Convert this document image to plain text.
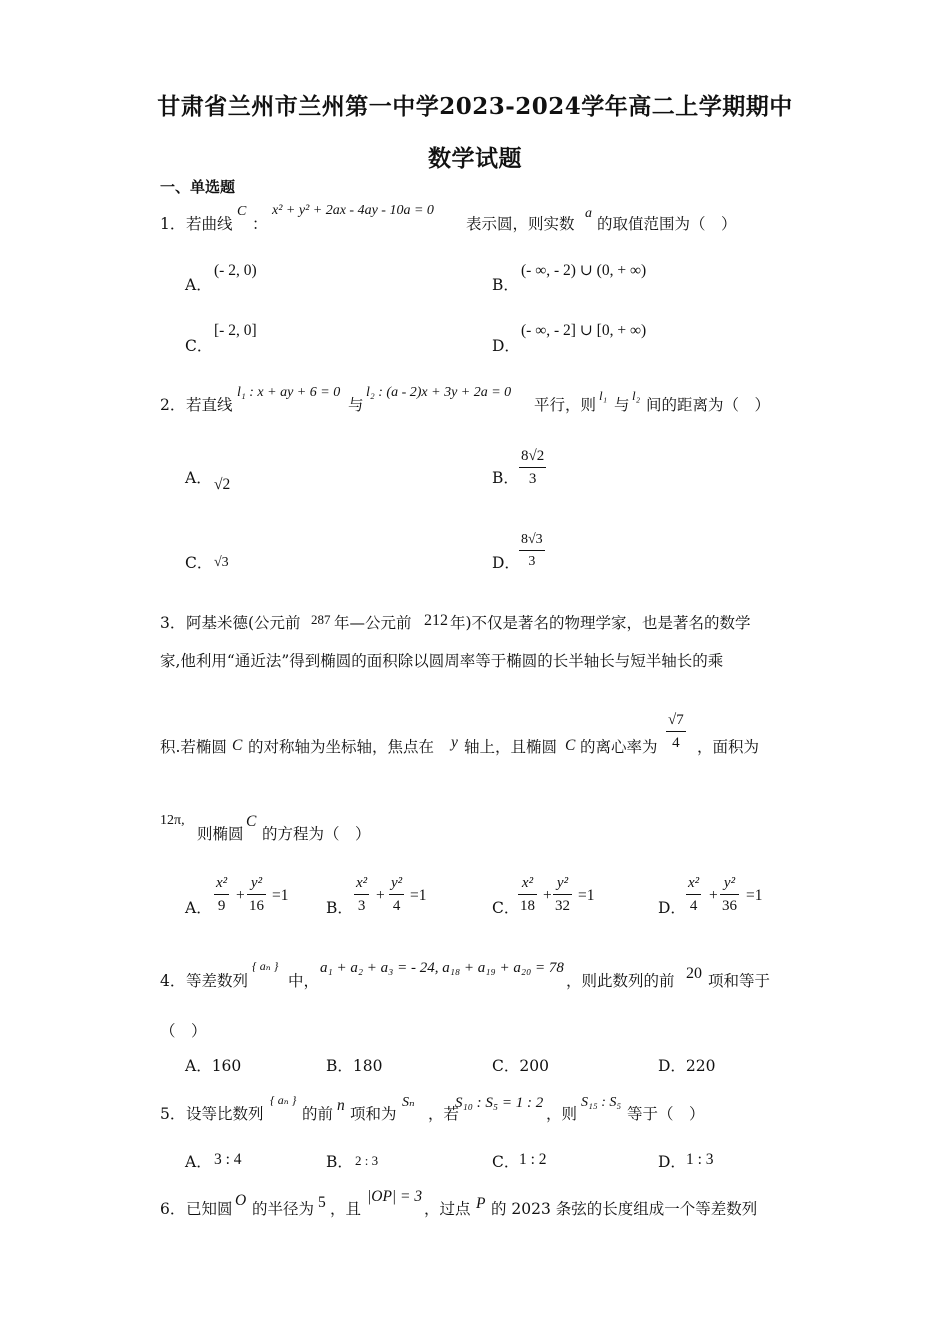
甘肃省兰州市兰州第一中学2023-2024学年高二上学期期中
数学试题
一、单选题
1． 若曲线
C
：
x² + y² + 2ax - 4ay - 10a = 0
表示圆，则实数
a
的取值范围为（　）
A．
(- 2, 0)
B．
(- ∞, - 2) ∪ (0, + ∞)
C．
[- 2, 0]
D．
(- ∞, - 2] ∪ [0, + ∞)
2． 若直线
l₁ : x + ay + 6 = 0
与
l₂ : (a - 2)x + 3y + 2a = 0
平行，则
l₁
与
l₂
间的距离为（　）
A． √2	B． $\frac{8√2}{3}$
C． √3	D． $\frac{8√3}{3}$
3． 阿基米德(公元前 287 年—公元前 212 年)不仅是著名的物理学家，也是著名的数学
家,他利用“通近法”得到椭圆的面积除以圆周率等于椭圆的长半轴长与短半轴长的乘
积.若椭圆 C 的对称轴为坐标轴，焦点在 y 轴上，且椭圆 C 的离心率为 $\frac{√7}{4}$ ，面积为
12π,
则椭圆
C
的方程为（　）
A． $\frac{\text{x²}}{9} + \frac{\text{y²}}{16} =1$
B． $\frac{\text{x²}}{3} + \frac{\text{y²}}{4} =1$
C．
$\frac{\text{x²}}{18} + \frac{\text{y²}}{32} =1$
D． $\frac{\text{x²}}{4} + \frac{\text{y²}}{36} =1$
4． 等差数列
{ aₙ }
中，
a₁ + a₂ + a₃ = - 24, a₁₈ + a₁₉ + a₂₀ = 78
，则此数列的前 20 项和等于
（　）
A．160	B．180	C．200	D．220
5． 设等比数列
{ aₙ }
的前 n 项和为
Sₙ
，若
S₁₀ : S₅ = 1 : 2
，则
S₁₅ : S₅
等于（　）
A． 3 : 4	B． 2 : 3	C． 1 : 2	D． 1 : 3
6． 已知圆 O 的半径为 5 ，且
|OP| = 3
，过点 P 的 2023 条弦的长度组成一个等差数列
